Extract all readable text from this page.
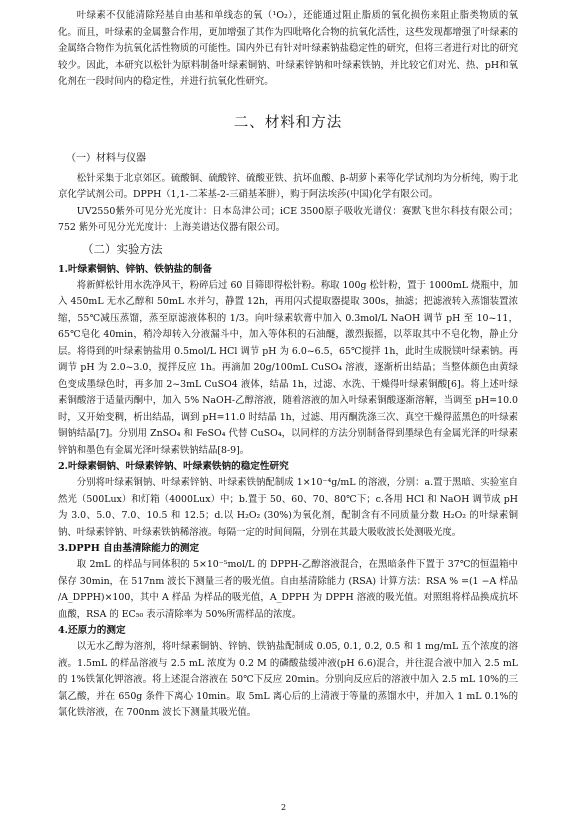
叶绿素不仅能清除羟基自由基和单线态的氧（¹O₂），还能通过阻止脂质的氧化损伤来阻止脂类物质的氧化。而且，叶绿素的金属螯合作用，更加增强了其作为四吡咯化合物的抗氧化活性，这些发现都增强了叶绿素的金属络合物作为抗氧化活性物质的可能性。国内外已有针对叶绿素钠盐稳定性的研究，但将三者进行对比的研究较少。因此，本研究以松针为原料制备叶绿素铜钠、叶绿素锌钠和叶绿素铁钠，并比较它们对光、热、pH和氧化剂在一段时间内的稳定性，并进行抗氧化性研究。

二、材料和方法
（一）材料与仪器

松针采集于北京郊区。硫酸铜、硫酸锌、硫酸亚铁、抗坏血酸、β-胡萝卜素等化学试剂均为分析纯，购于北京化学试剂公司。DPPH（1,1-二苯基-2-三硝基苯肼），购于阿法埃莎(中国)化学有限公司。

UV2550紫外可见分光光度计：日本岛津公司；iCE 3500原子吸收光谱仪：赛默飞世尔科技有限公司；752 紫外可见分光光度计：上海美谱达仪器有限公司。

（二）实验方法
1.叶绿素铜钠、锌钠、铁钠盐的制备

将新鲜松针用水洗净风干，粉碎后过 60 目筛即得松针粉。称取 100g 松针粉，置于 1000mL 烧瓶中，加入 450mL 无水乙醇和 50mL 水并匀，静置 12h，再用闪式提取器提取 300s，抽滤；把滤液转入蒸馏装置浓缩，55℃减压蒸馏，蒸至原滤液体积的 1/3。向叶绿素软膏中加入 0.3mol/L NaOH 调节 pH 至 10~11，65℃皂化 40min，稍冷却转入分液漏斗中，加入等体积的石油醚，激烈振摇，以萃取其中不皂化物，静止分层。将得到的叶绿素钠盐用 0.5mol/L HCl 调节 pH 为 6.0~6.5，65℃搅拌 1h，此时生成脱镁叶绿素钠。再调节 pH 为 2.0~3.0，搅拌反应 1h。再滴加 20g/100mL CuSO₄ 溶液，逐渐析出结晶；当整体颜色由黄绿色变成墨绿色时，再多加 2~3mL CuSO4 液体，结晶 1h，过滤、水洗、干燥得叶绿素铜酸[6]。将上述叶绿素铜酸溶于适量丙酮中，加入 5% NaOH-乙醇溶液，随着溶液的加入叶绿素铜酸逐渐溶解，当调至 pH=10.0 时，又开始变稠，析出结晶，调到 pH=11.0 时结晶 1h，过滤、用丙酮洗涤三次、真空干燥得蓝黑色的叶绿素铜钠结晶[7]。分别用 ZnSO₄ 和 FeSO₄ 代替 CuSO₄，以同样的方法分别制备得到墨绿色有金属光泽的叶绿素锌钠和墨色有金属光泽叶绿素铁钠结晶[8-9]。

2.叶绿素铜钠、叶绿素锌钠、叶绿素铁钠的稳定性研究

分别将叶绿素铜钠、叶绿素锌钠、叶绿素铁钠配制成 1×10⁻⁴g/mL 的溶液，分别：a.置于黑暗、实验室自然光（500Lux）和灯箱（4000Lux）中；b.置于 50、60、70、80℃下；c.各用 HCl 和 NaOH 调节成 pH 为 3.0、5.0、7.0、10.5 和 12.5；d.以 H₂O₂ (30%)为氧化剂，配制含有不同质量分数 H₂O₂ 的叶绿素铜钠、叶绿素锌钠、叶绿素铁钠稀溶液。每隔一定的时间间隔，分别在其最大吸收波长处测吸光度。

3.DPPH 自由基清除能力的测定

取 2mL 的样品与同体积的 5×10⁻⁵mol/L 的 DPPH-乙醇溶液混合，在黑暗条件下置于 37℃的恒温箱中保存 30min，在 517nm 波长下测量三者的吸光值。自由基清除能力 (RSA) 计算方法：RSA % =(1 −A 样品 /A_DPPH)×100，其中 A 样品 为样品的吸光值，A_DPPH 为 DPPH 溶液的吸光值。对照组将样品换成抗坏血酸，RSA 的 EC₅₀ 表示清除率为 50%所需样品的浓度。

4.还原力的测定

以无水乙醇为溶剂，将叶绿素铜钠、锌钠、铁钠盐配制成 0.05, 0.1, 0.2, 0.5 和 1 mg/mL 五个浓度的溶液。1.5mL 的样品溶液与 2.5 mL 浓度为 0.2 M 的磷酸盐缓冲液(pH 6.6)混合，并往混合液中加入 2.5 mL 的 1%铁氰化钾溶液。将上述混合溶液在 50℃下反应 20min。分别向反应后的溶液中加入 2.5 mL 10%的三氯乙酸，并在 650g 条件下离心 10min。取 5mL 离心后的上清液于等量的蒸馏水中，并加入 1 mL 0.1%的氯化铁溶液，在 700nm 波长下测量其吸光值。

2
